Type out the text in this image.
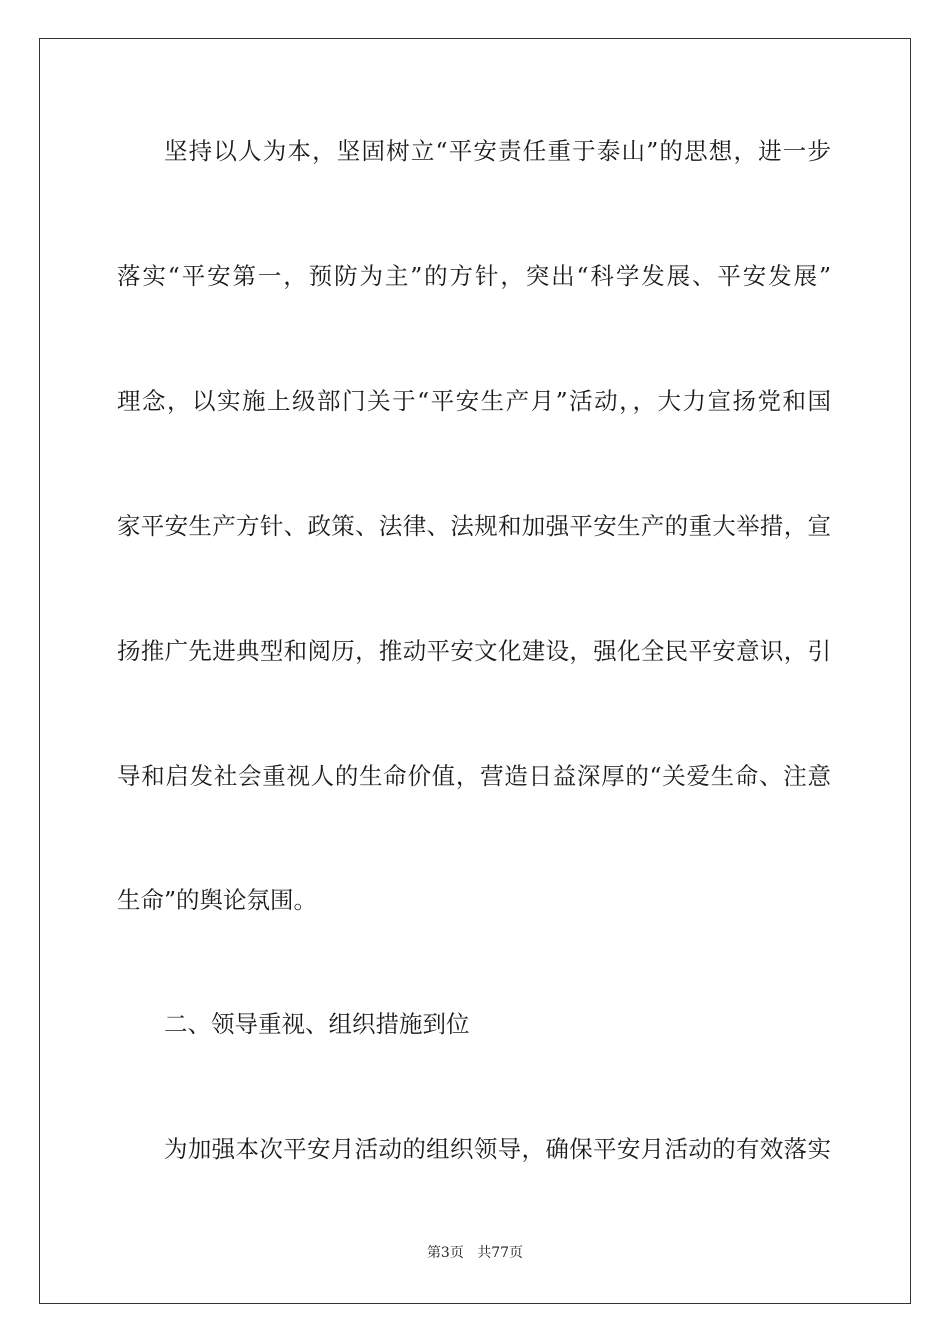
坚持以人为本，坚固树立“平安责任重于泰山”的思想，进一步
落实“平安第一，预防为主”的方针，突出“科学发展、平安发展”
理念，以实施上级部门关于“平安生产月”活动，，大力宣扬党和国
家平安生产方针、政策、法律、法规和加强平安生产的重大举措，宣
扬推广先进典型和阅历，推动平安文化建设，强化全民平安意识，引
导和启发社会重视人的生命价值，营造日益深厚的“关爱生命、注意
生命”的舆论氛围。
二、领导重视、组织措施到位
为加强本次平安月活动的组织领导，确保平安月活动的有效落实
第3页 共77页
